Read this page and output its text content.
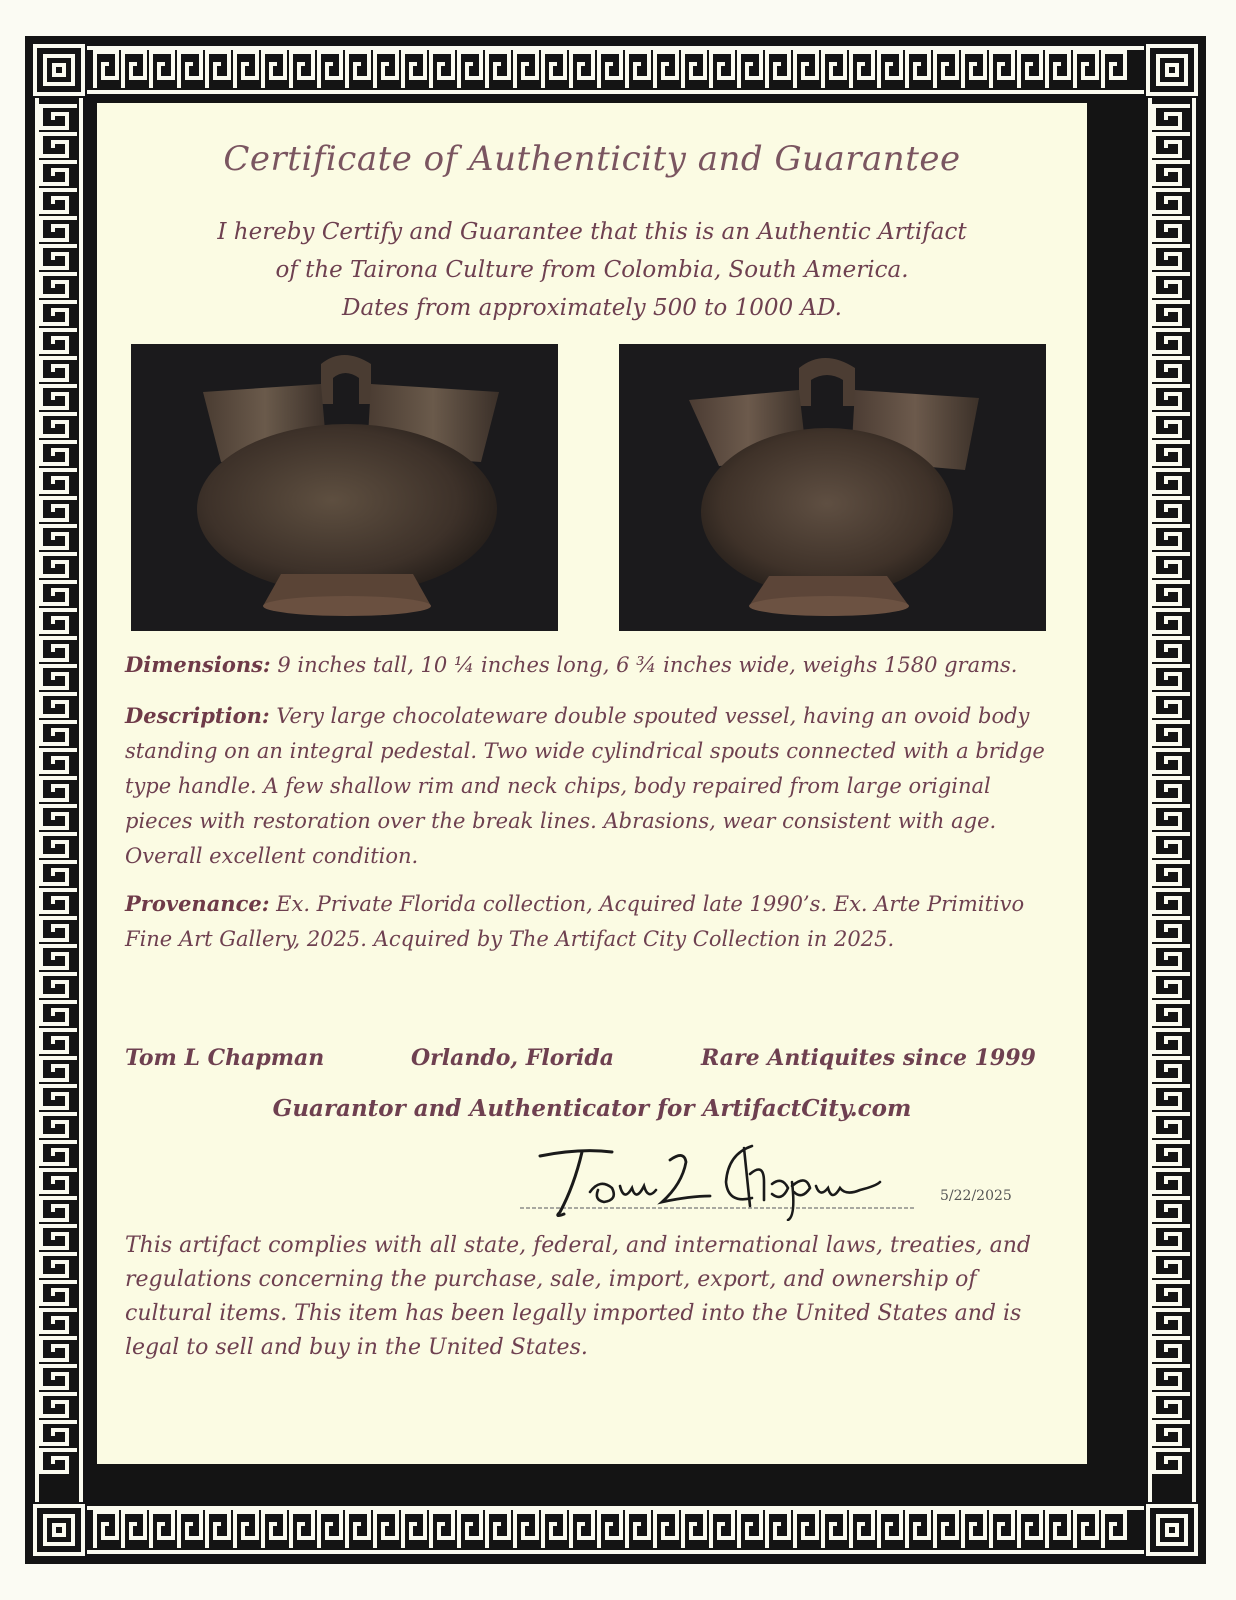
Certificate of Authenticity and Guarantee
I hereby Certify and Guarantee that this is an Authentic Artifact
of the Tairona Culture from Colombia, South America.
Dates from approximately 500 to 1000 AD.
Dimensions: 9 inches tall, 10 ¼ inches long, 6 ¾ inches wide, weighs 1580 grams.
Description: Very large chocolateware double spouted vessel, having an ovoid body standing on an integral pedestal. Two wide cylindrical spouts connected with a bridge type handle. A few shallow rim and neck chips, body repaired from large original pieces with restoration over the break lines. Abrasions, wear consistent with age. Overall excellent condition.
Provenance: Ex. Private Florida collection, Acquired late 1990’s. Ex. Arte Primitivo Fine Art Gallery, 2025. Acquired by The Artifact City Collection in 2025.
Tom L Chapman	Orlando, Florida	Rare Antiquites since 1999
Guarantor and Authenticator for ArtifactCity.com
5/22/2025
This artifact complies with all state, federal, and international laws, treaties, and regulations concerning the purchase, sale, import, export, and ownership of cultural items. This item has been legally imported into the United States and is legal to sell and buy in the United States.
